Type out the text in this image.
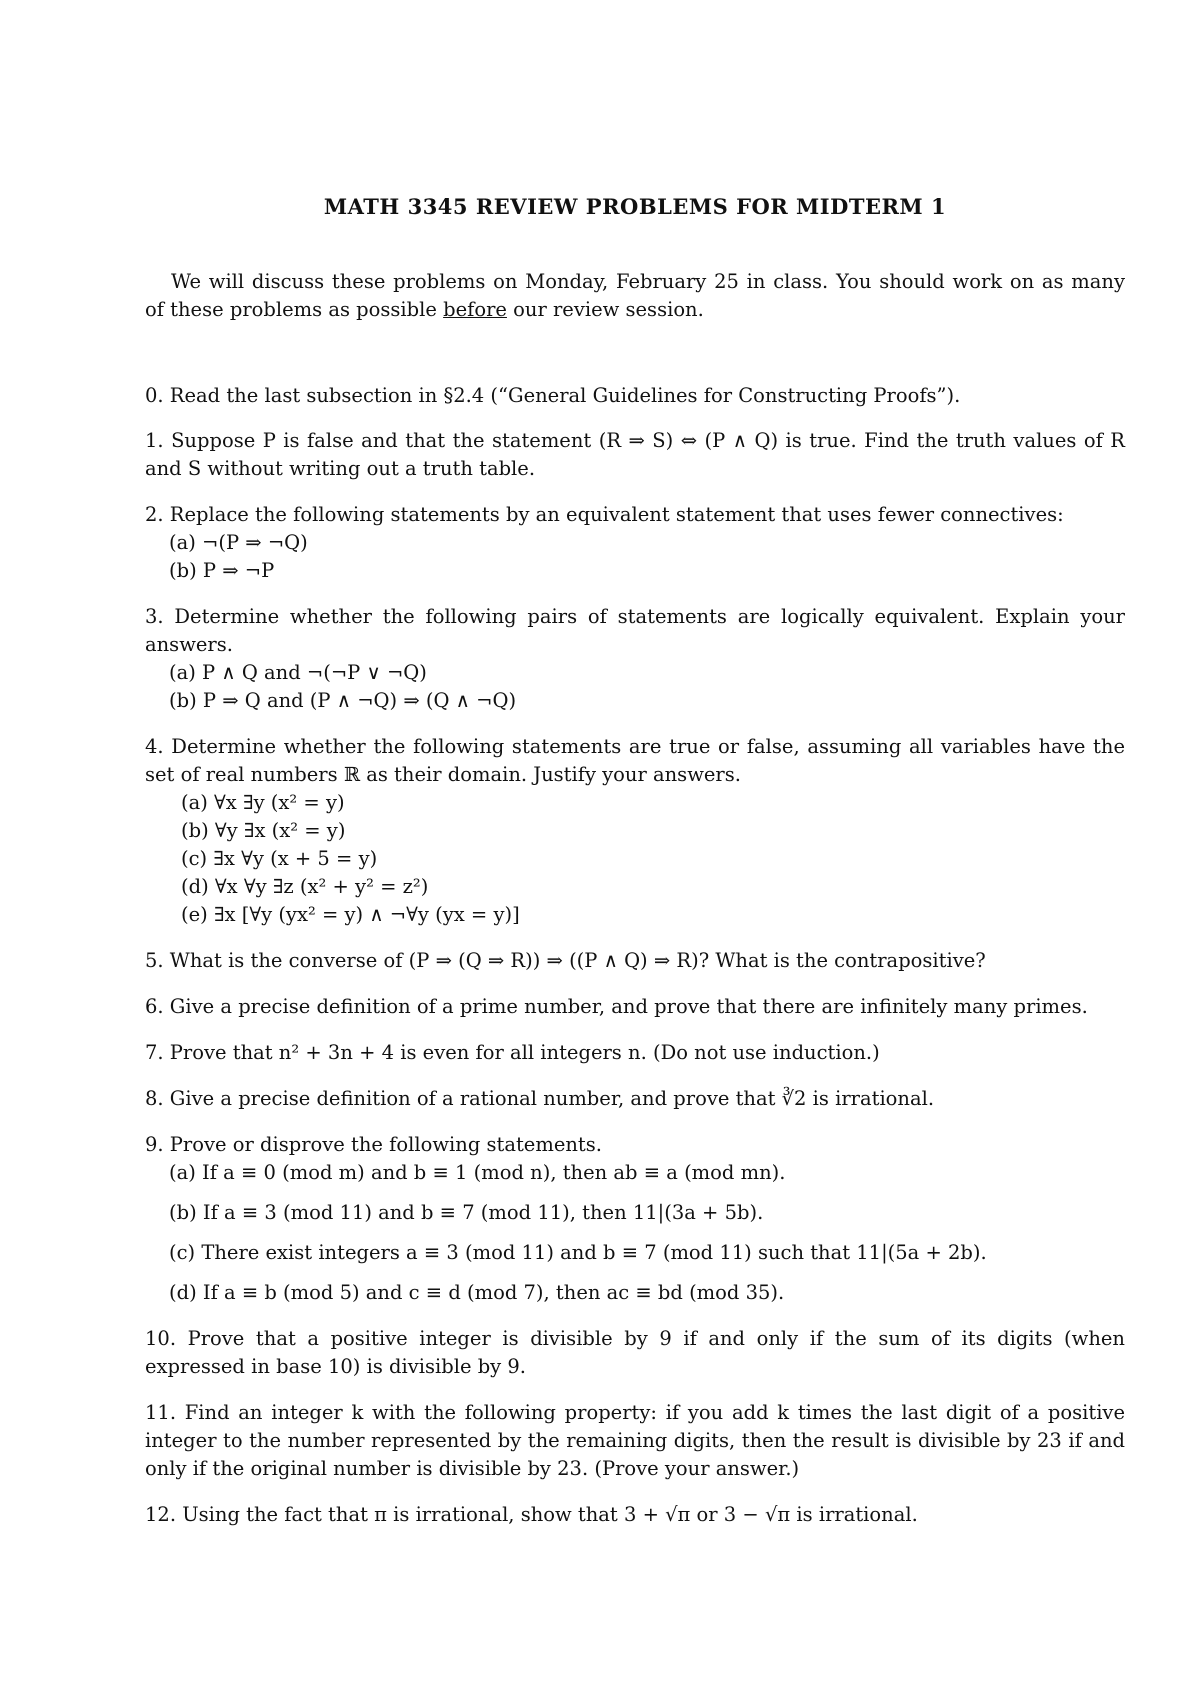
MATH 3345 REVIEW PROBLEMS FOR MIDTERM 1
We will discuss these problems on Monday, February 25 in class. You should work on as many of these problems as possible before our review session.
0. Read the last subsection in §2.4 (“General Guidelines for Constructing Proofs”).
1. Suppose P is false and that the statement (R ⇒ S) ⇔ (P ∧ Q) is true. Find the truth values of R and S without writing out a truth table.
2. Replace the following statements by an equivalent statement that uses fewer connectives:
(a) ¬(P ⇒ ¬Q)
(b) P ⇒ ¬P
3. Determine whether the following pairs of statements are logically equivalent. Explain your answers.
(a) P ∧ Q and ¬(¬P ∨ ¬Q)
(b) P ⇒ Q and (P ∧ ¬Q) ⇒ (Q ∧ ¬Q)
4. Determine whether the following statements are true or false, assuming all variables have the set of real numbers ℝ as their domain. Justify your answers.
(a) ∀x ∃y (x² = y)
(b) ∀y ∃x (x² = y)
(c) ∃x ∀y (x + 5 = y)
(d) ∀x ∀y ∃z (x² + y² = z²)
(e) ∃x [∀y (yx² = y) ∧ ¬∀y (yx = y)]
5. What is the converse of (P ⇒ (Q ⇒ R)) ⇒ ((P ∧ Q) ⇒ R)? What is the contrapositive?
6. Give a precise definition of a prime number, and prove that there are infinitely many primes.
7. Prove that n² + 3n + 4 is even for all integers n. (Do not use induction.)
8. Give a precise definition of a rational number, and prove that ∛2 is irrational.
9. Prove or disprove the following statements.
(a) If a ≡ 0 (mod m) and b ≡ 1 (mod n), then ab ≡ a (mod mn).
(b) If a ≡ 3 (mod 11) and b ≡ 7 (mod 11), then 11|(3a + 5b).
(c) There exist integers a ≡ 3 (mod 11) and b ≡ 7 (mod 11) such that 11|(5a + 2b).
(d) If a ≡ b (mod 5) and c ≡ d (mod 7), then ac ≡ bd (mod 35).
10. Prove that a positive integer is divisible by 9 if and only if the sum of its digits (when expressed in base 10) is divisible by 9.
11. Find an integer k with the following property: if you add k times the last digit of a positive integer to the number represented by the remaining digits, then the result is divisible by 23 if and only if the original number is divisible by 23. (Prove your answer.)
12. Using the fact that π is irrational, show that 3 + √π or 3 − √π is irrational.
